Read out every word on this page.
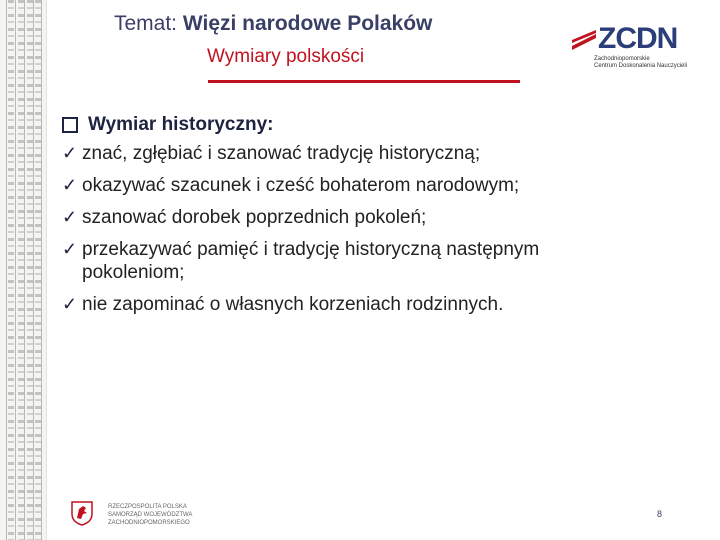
Temat: Więzi narodowe Polaków
Wymiary polskości
ZCDN
Zachodniopomorskie
Centrum Doskonalenia Nauczycieli
Wymiar historyczny:
✓ znać, zgłębiać i szanować tradycję historyczną;
✓ okazywać szacunek i cześć bohaterom narodowym;
✓ szanować dorobek poprzednich pokoleń;
✓ przekazywać pamięć i tradycję historyczną następnym pokoleniom;
✓ nie zapominać o własnych korzeniach rodzinnych.
RZECZPOSPOLITA POLSKA
SAMORZĄD WOJEWÓDZTWA
ZACHODNIOPOMORSKIEGO
8
